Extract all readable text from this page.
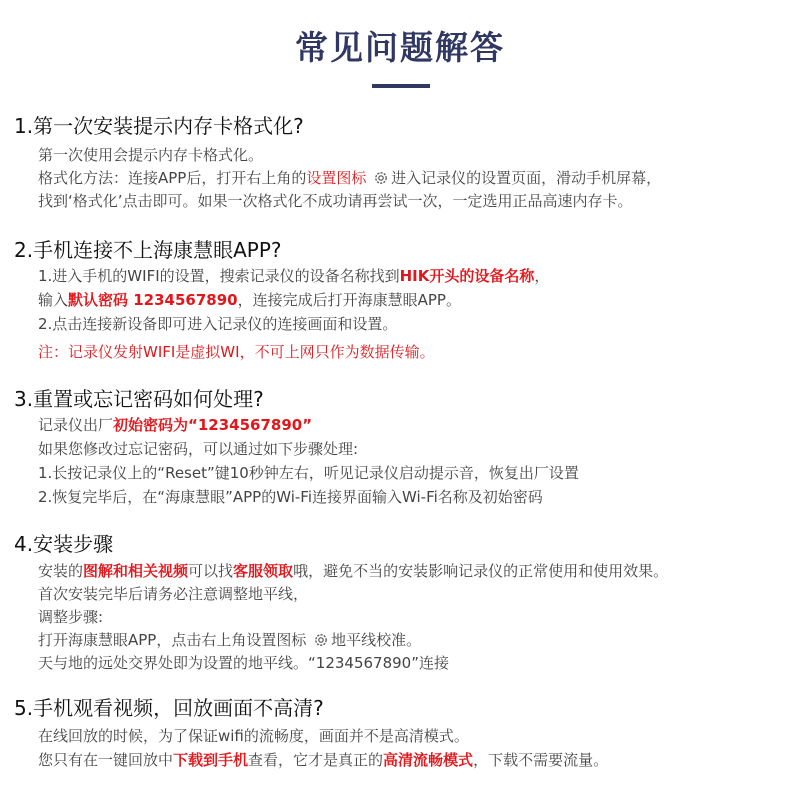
常见问题解答
1.第一次安装提示内存卡格式化?
第一次使用会提示内存卡格式化。
格式化方法：连接APP后，打开右上角的设置图标 进入记录仪的设置页面，滑动手机屏幕，
找到‘格式化’点击即可。如果一次格式化不成功请再尝试一次，一定选用正品高速内存卡。
2.手机连接不上海康慧眼APP?
1.进入手机的WIFI的设置，搜索记录仪的设备名称找到HIK开头的设备名称，
输入默认密码 1234567890，连接完成后打开海康慧眼APP。
2.点击连接新设备即可进入记录仪的连接画面和设置。
注：记录仪发射WIFI是虚拟WI，不可上网只作为数据传输。
3.重置或忘记密码如何处理?
记录仪出厂初始密码为“1234567890”
如果您修改过忘记密码，可以通过如下步骤处理:
1.长按记录仪上的“Reset”键10秒钟左右，听见记录仪启动提示音，恢复出厂设置
2.恢复完毕后，在“海康慧眼”APP的Wi-Fi连接界面输入Wi-Fi名称及初始密码
4.安装步骤
安装的图解和相关视频可以找客服领取哦，避免不当的安装影响记录仪的正常使用和使用效果。
首次安装完毕后请务必注意调整地平线，
调整步骤:
打开海康慧眼APP，点击右上角设置图标 地平线校准。
天与地的远处交界处即为设置的地平线。“1234567890”连接
5.手机观看视频，回放画面不高清?
在线回放的时候，为了保证wifi的流畅度，画面并不是高清模式。
您只有在一键回放中下载到手机查看，它才是真正的高清流畅模式，下载不需要流量。
